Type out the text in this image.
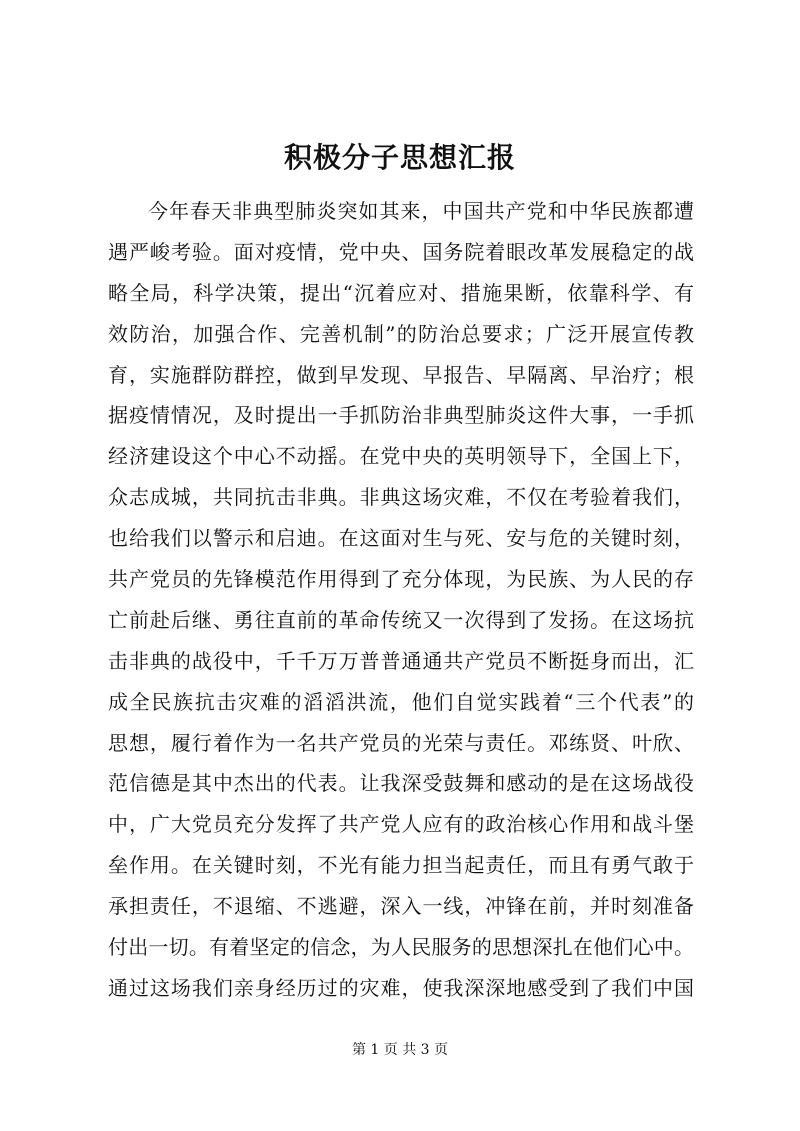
积极分子思想汇报
今年春天非典型肺炎突如其来，中国共产党和中华民族都遭
遇严峻考验。面对疫情，党中央、国务院着眼改革发展稳定的战
略全局，科学决策，提出“沉着应对、措施果断，依靠科学、有
效防治，加强合作、完善机制”的防治总要求；广泛开展宣传教
育，实施群防群控，做到早发现、早报告、早隔离、早治疗；根
据疫情情况，及时提出一手抓防治非典型肺炎这件大事，一手抓
经济建设这个中心不动摇。在党中央的英明领导下，全国上下，
众志成城，共同抗击非典。非典这场灾难，不仅在考验着我们，
也给我们以警示和启迪。在这面对生与死、安与危的关键时刻，
共产党员的先锋模范作用得到了充分体现，为民族、为人民的存
亡前赴后继、勇往直前的革命传统又一次得到了发扬。在这场抗
击非典的战役中，千千万万普普通通共产党员不断挺身而出，汇
成全民族抗击灾难的滔滔洪流，他们自觉实践着“三个代表”的
思想，履行着作为一名共产党员的光荣与责任。邓练贤、叶欣、
范信德是其中杰出的代表。让我深受鼓舞和感动的是在这场战役
中，广大党员充分发挥了共产党人应有的政治核心作用和战斗堡
垒作用。在关键时刻，不光有能力担当起责任，而且有勇气敢于
承担责任，不退缩、不逃避，深入一线，冲锋在前，并时刻准备
付出一切。有着坚定的信念，为人民服务的思想深扎在他们心中。
通过这场我们亲身经历过的灾难，使我深深地感受到了我们中国
第 1 页 共 3 页
